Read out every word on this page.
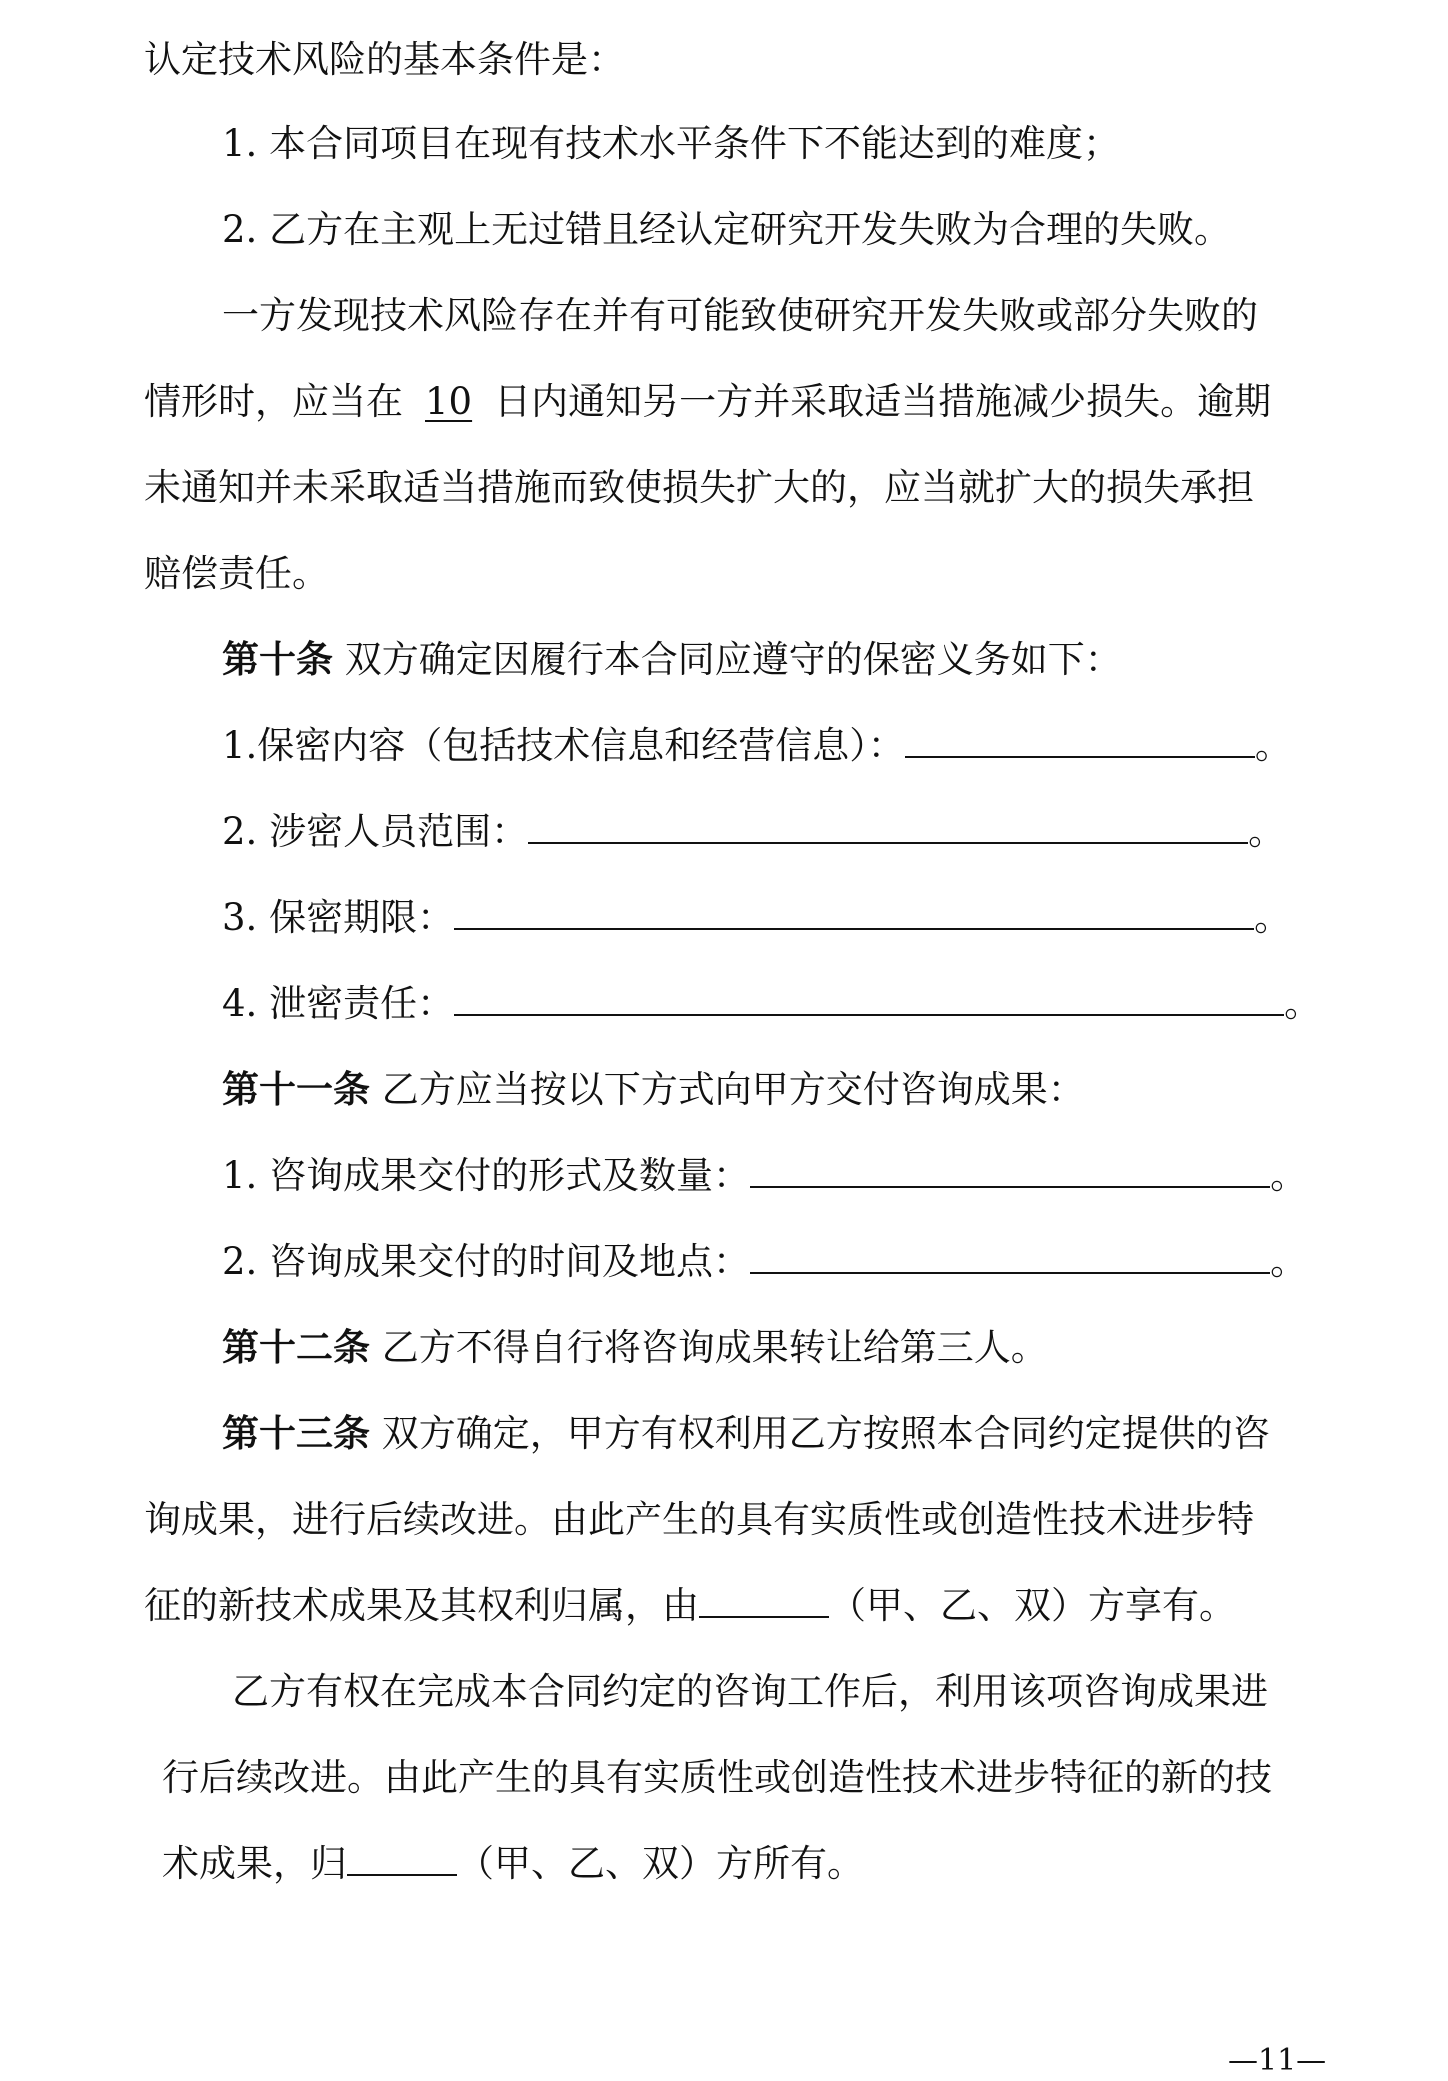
认定技术风险的基本条件是：
1. 本合同项目在现有技术水平条件下不能达到的难度；
2. 乙方在主观上无过错且经认定研究开发失败为合理的失败。
一方发现技术风险存在并有可能致使研究开发失败或部分失败的
情形时，应当在 10 日内通知另一方并采取适当措施减少损失。逾期
未通知并未采取适当措施而致使损失扩大的，应当就扩大的损失承担
赔偿责任。
第十条 双方确定因履行本合同应遵守的保密义务如下：
1.保密内容（包括技术信息和经营信息）：	。
2. 涉密人员范围：	。
3. 保密期限：	。
4. 泄密责任：	。
第十一条 乙方应当按以下方式向甲方交付咨询成果：
1. 咨询成果交付的形式及数量：	。
2. 咨询成果交付的时间及地点：	。
第十二条 乙方不得自行将咨询成果转让给第三人。
第十三条 双方确定，甲方有权利用乙方按照本合同约定提供的咨
询成果，进行后续改进。由此产生的具有实质性或创造性技术进步特
征的新技术成果及其权利归属，由	（甲、乙、双）方享有。
乙方有权在完成本合同约定的咨询工作后，利用该项咨询成果进
行后续改进。由此产生的具有实质性或创造性技术进步特征的新的技
术成果，归	（甲、乙、双）方所有。
—11—
